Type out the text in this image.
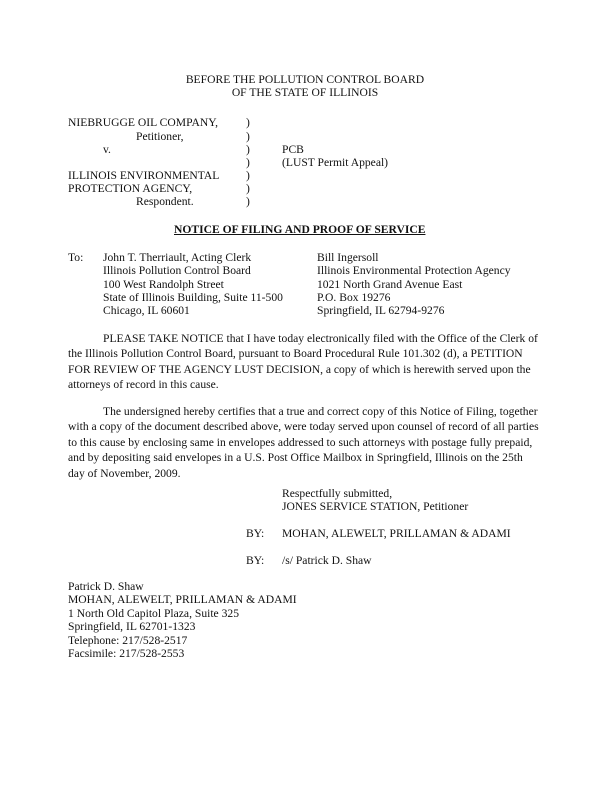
BEFORE THE POLLUTION CONTROL BOARD
OF THE STATE OF ILLINOIS
NIEBRUGGE OIL COMPANY,
Petitioner,
v.
ILLINOIS ENVIRONMENTAL
PROTECTION AGENCY,
Respondent.
)
)
)
)
)
)
)
PCB
(LUST Permit Appeal)
NOTICE OF FILING AND PROOF OF SERVICE
To: John T. Therriault, Acting Clerk
Illinois Pollution Control Board
100 West Randolph Street
State of Illinois Building, Suite 11-500
Chicago, IL 60601
Bill Ingersoll
Illinois Environmental Protection Agency
1021 North Grand Avenue East
P.O. Box 19276
Springfield, IL 62794-9276
PLEASE TAKE NOTICE that I have today electronically filed with the Office of the Clerk of the Illinois Pollution Control Board, pursuant to Board Procedural Rule 101.302 (d), a PETITION FOR REVIEW OF THE AGENCY LUST DECISION, a copy of which is herewith served upon the attorneys of record in this cause.
The undersigned hereby certifies that a true and correct copy of this Notice of Filing, together with a copy of the document described above, were today served upon counsel of record of all parties to this cause by enclosing same in envelopes addressed to such attorneys with postage fully prepaid, and by depositing said envelopes in a U.S. Post Office Mailbox in Springfield, Illinois on the 25th day of November, 2009.
Respectfully submitted,
JONES SERVICE STATION, Petitioner
BY: MOHAN, ALEWELT, PRILLAMAN & ADAMI
BY: /s/ Patrick D. Shaw
Patrick D. Shaw
MOHAN, ALEWELT, PRILLAMAN & ADAMI
1 North Old Capitol Plaza, Suite 325
Springfield, IL 62701-1323
Telephone: 217/528-2517
Facsimile: 217/528-2553
